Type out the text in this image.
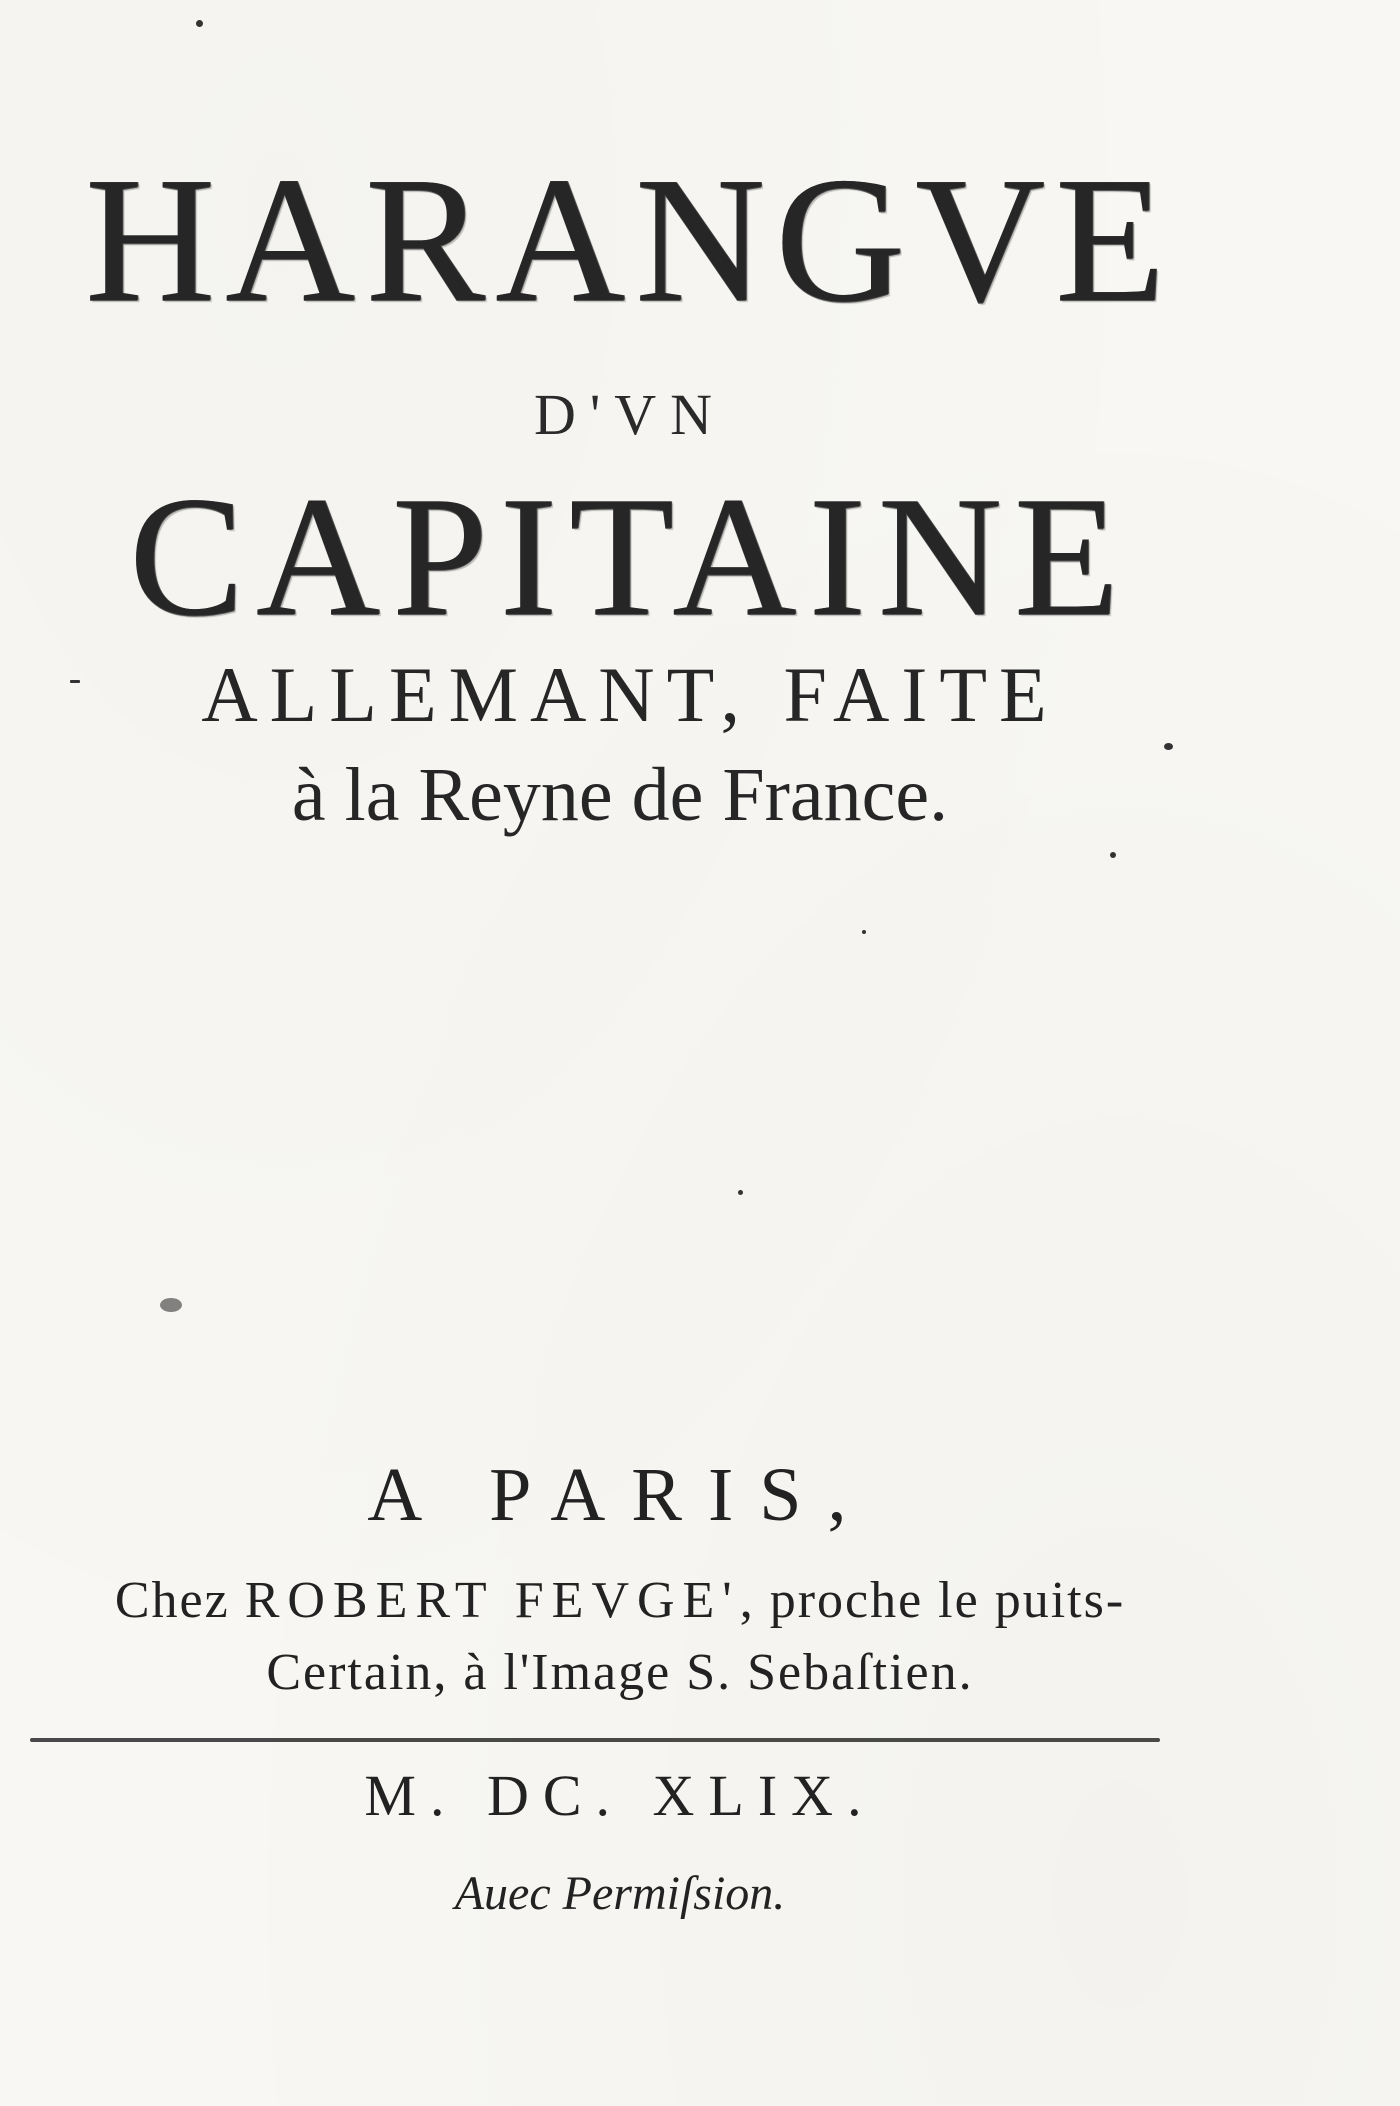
HARANGVE

D'VN

CAPITAINE

ALLEMANT, FAITE

à la Reyne de France.

A PARIS,

Chez ROBERT FEVGE', proche le puits-

Certain, à l'Image S. Sebaſtien.

M. DC. XLIX.

Auec Permiſsion.
